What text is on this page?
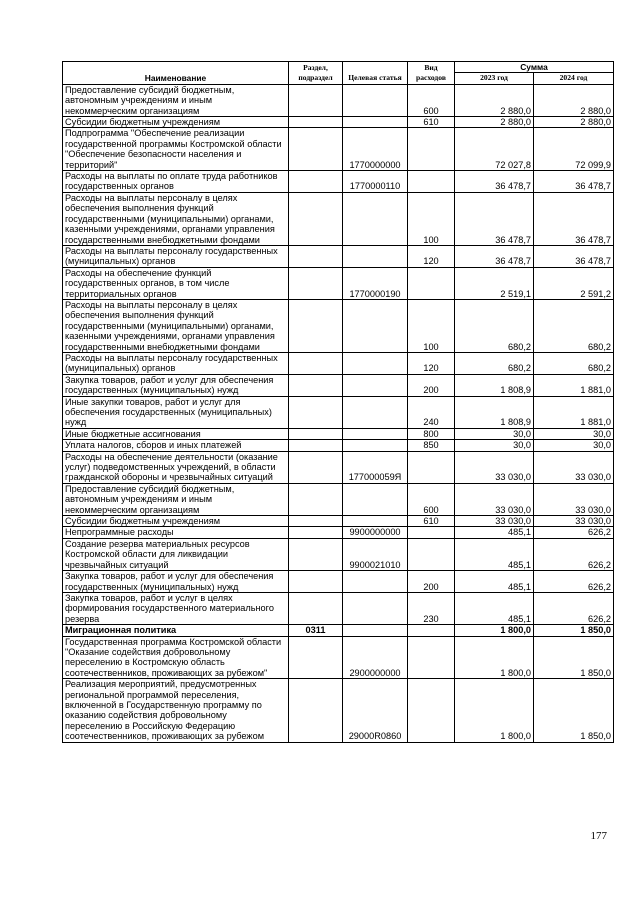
Наименование	Раздел, подраздел	Целевая статья	Вид расходов	Сумма	
				2023 год	2024 год
Предоставление субсидий бюджетным, автономным учреждениям и иным некоммерческим организациям			600	2 880,0	2 880,0
Субсидии бюджетным учреждениям			610	2 880,0	2 880,0
Подпрограмма "Обеспечение реализации государственной программы Костромской области "Обеспечение безопасности населения и территорий"		1770000000		72 027,8	72 099,9
Расходы на выплаты по оплате труда работников государственных органов		1770000110		36 478,7	36 478,7
Расходы на выплаты персоналу в целях обеспечения выполнения функций государственными (муниципальными) органами, казенными учреждениями, органами управления государственными внебюджетными фондами			100	36 478,7	36 478,7
Расходы на выплаты персоналу государственных (муниципальных) органов			120	36 478,7	36 478,7
Расходы на обеспечение функций государственных органов, в том числе территориальных органов		1770000190		2 519,1	2 591,2
Расходы на выплаты персоналу в целях обеспечения выполнения функций государственными (муниципальными) органами, казенными учреждениями, органами управления государственными внебюджетными фондами			100	680,2	680,2
Расходы на выплаты персоналу государственных (муниципальных) органов			120	680,2	680,2
Закупка товаров, работ и услуг для обеспечения государственных (муниципальных) нужд			200	1 808,9	1 881,0
Иные закупки товаров, работ и услуг для обеспечения государственных (муниципальных) нужд			240	1 808,9	1 881,0
Иные бюджетные ассигнования			800	30,0	30,0
Уплата налогов, сборов и иных платежей			850	30,0	30,0
Расходы на обеспечение деятельности (оказание услуг) подведомственных учреждений, в области гражданской обороны и чрезвычайных ситуаций		177000059Я		33 030,0	33 030,0
Предоставление субсидий бюджетным, автономным учреждениям и иным некоммерческим организациям			600	33 030,0	33 030,0
Субсидии бюджетным учреждениям			610	33 030,0	33 030,0
Непрограммные расходы		9900000000		485,1	626,2
Создание резерва материальных ресурсов Костромской области для ликвидации чрезвычайных ситуаций		9900021010		485,1	626,2
Закупка товаров, работ и услуг для обеспечения государственных (муниципальных) нужд			200	485,1	626,2
Закупка товаров, работ и услуг в целях формирования государственного материального резерва			230	485,1	626,2
Миграционная политика	0311			1 800,0	1 850,0
Государственная программа Костромской области "Оказание содействия добровольному переселению в Костромскую область соотечественников, проживающих за рубежом"		2900000000		1 800,0	1 850,0
Реализация мероприятий, предусмотренных региональной программой переселения, включенной в Государственную программу по оказанию содействия добровольному переселению в Российскую Федерацию соотечественников, проживающих за рубежом		29000R0860		1 800,0	1 850,0
177
